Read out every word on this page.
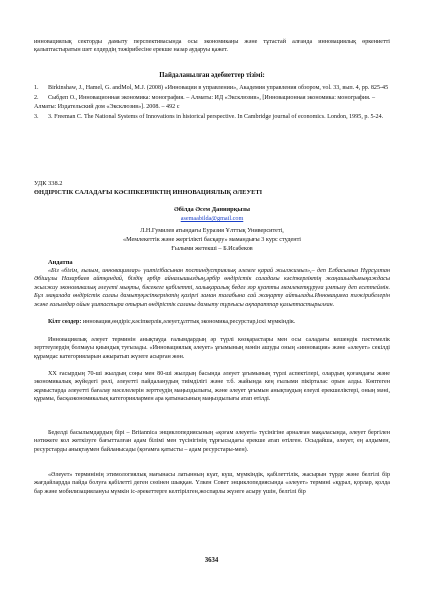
инновациялық секторды дамыту перспективасында осы экономикаңы және тұтастай алғанда инновациялық өркениетті қалыптастыратын шет елдердің тәжірибесіне ерекше назар аударуы қажет.

Пайдаланылған әдебиеттер тізімі:

1. Birkinshaw, J., Hamel, G. andMol, M.J. (2008) «Инновации в управлении», Академия управления обзором, vol. 33, вып. 4, рр. 825-45

2. Сыбдеп О., Инновационная экономика: монография. – Алматы: ИД «Эксклюзив», [Инновационная экономика: монография. – Алматы: Издательский дом «Эксклюзив»]. 2008. – 492 с

3. 3. Freeman C. The National Systems of Innovations in historical perspective. In Cambridge journal of economics. London, 1995, p. 5-24.

УДК 338.2
ӨНДІРІСТІК САЛАДАҒЫ КӘСІПКЕРЛІКТІҢ ИННОВАЦИЯЛЫҚ ӘЛЕУЕТІ
Әбілда Әсем Даниярқызы
asemaabilda@gmail.com
Л.Н.Гумилев атындағы Еуразия Ұлттық Университеті,
«Мемлекеттік және жергілікті басқару» мамандығы 3 курс студенті
Ғылыми жетекші – Б.Исабеков
Андатпа
«Біз «білім, ғылым, инновациялар» үштігібасынан постиндустриялық әлемге қарай жылжимыз»,– деп Елбасымыз Нұрсұлтан Әбішұлы Назарбаев айтқандай, біздің әрбір айналышыздың,әрбір өндірістік саладағы кәсіпкерліктің жаңашылдығықаждасы жылжиу экономикалық әлеуеті мықты, бәсекеге қабілетті, халықаралық бедел зор қуатты мемлекетқұруға ұмтылу деп есептеймін. Бұл мақалада өндірістік салаы дамытуқәсіпкерліктің қазіргі заман талабына сай жаңарту айтылады.Инновацияға тәжірибелерін және ғалымдар ойын ұштастыра отырып өндірістік саланы дамыту тұрғысы ақпараттар қалыптастырылған.
Кілт сөздер: инновация,өндіріс,кәсіпкерлік,әлеует,ұлттық экономика,ресурстар,іскі мүмкіндік.
Инновациялық әлеует терминін анықтауда ғалымдардың әр түрлі көзқарастары мен осы саладағы кешендік пәстемелік зерттеулердің болмауы қиындық туғызады. «Инновациялық әлеует» ұғымының мәнін ашуды оның «инновация» және «әлеует» секілді құрамдас категорияларын ажыратып жүзеге асырған жөн.
ХХ ғасырдың 70-ші жылдың соңы мен 80-ші жылдың басында әлеует ұғымының түрлі аспектілері, олардың қоғамдағы және экономикалық жүйедегі рөлі, әлеуетті пайдаланудың тиімділігі және т.б. жайында кең ғылыми пікірталас орын алды. Көптеген жұмыстарда әлеуетті бағалау мәселелерін зерттеудің маңыздылығы, және әлеует ұғымын анықтаудың елеулі ерекшеліктері, оның мәні, құрамы, басқаэкономикалық категориялармен ара қатынасының маңыздылығы атап өтілді.
Беделді басылымдардың бірі – Britannica энциклопедиясының «қоғам әлеуеті» түсінігіне арналған мақаласында, әлеует бергілен нәтижеге кол жеткізуге бағытталған адам білімі мен түсінігінің тұрғысыдағы ерекше атап өтілген. Осыдайша, әлеует, ең алдымен, ресурстарды анықтаумен байланысады (қоғамға қатысты – адам ресурстары-мен).
«Әлеует» терминінің этимологиялық мағынасы латынның күат, күш, мүмкіндік, қабілеттілік, жасырын түрде және белгілі бір жағдайлардда пайда болуға қабілетті деген сөзінен шыққан. Үлкен Совет энциклопедиясында «әлеует» термині «құрал, қорлар, қолда бар және мобилизациялануы мүмкін іс-әрекеттерге келтірілген,жоспарлы жүзеге асыру үшін, белгілі бір
3634
